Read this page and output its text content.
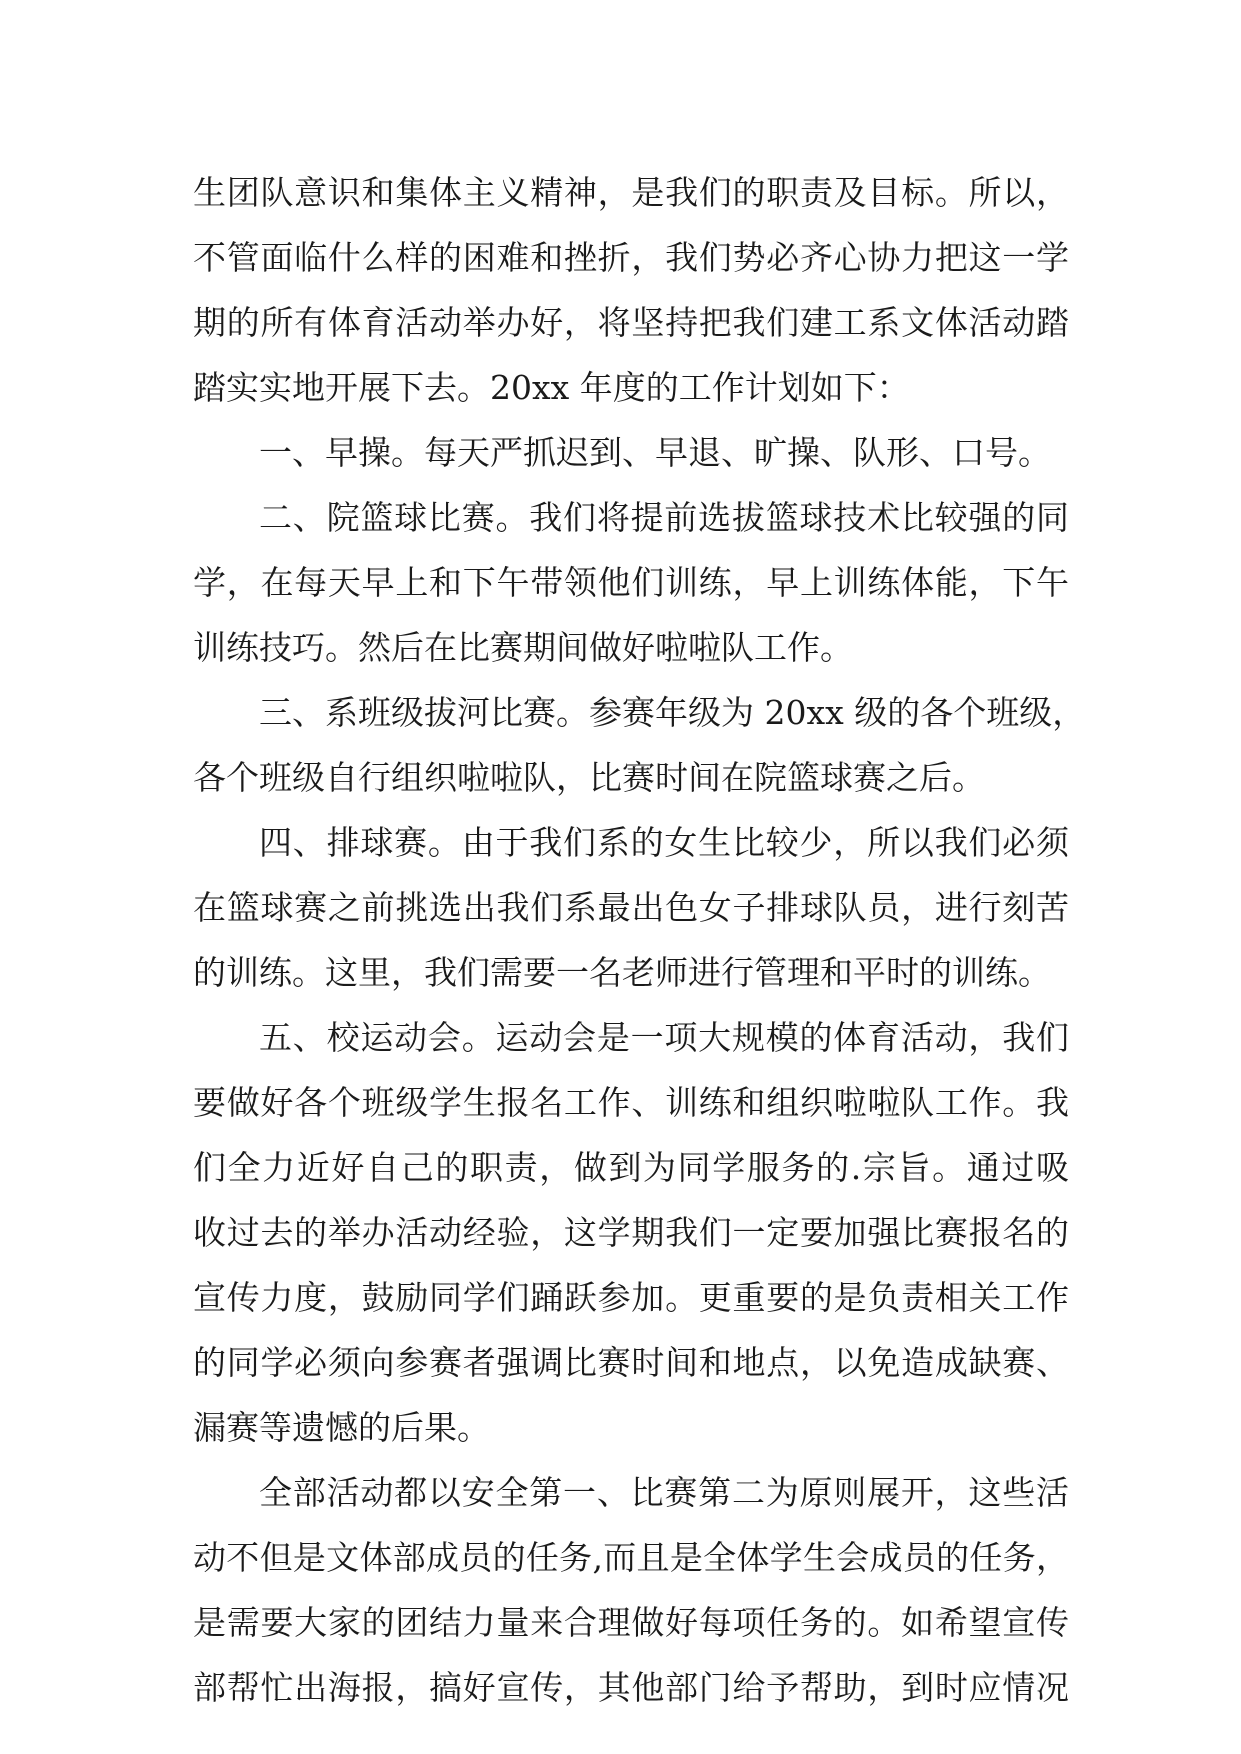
生团队意识和集体主义精神，是我们的职责及目标。所以，
不管面临什么样的困难和挫折，我们势必齐心协力把这一学
期的所有体育活动举办好，将坚持把我们建工系文体活动踏
踏实实地开展下去。20xx 年度的工作计划如下：
一、早操。每天严抓迟到、早退、旷操、队形、口号。
二、院篮球比赛。我们将提前选拔篮球技术比较强的同
学，在每天早上和下午带领他们训练，早上训练体能，下午
训练技巧。然后在比赛期间做好啦啦队工作。
三、系班级拔河比赛。参赛年级为 20xx 级的各个班级，
各个班级自行组织啦啦队，比赛时间在院篮球赛之后。
四、排球赛。由于我们系的女生比较少，所以我们必须
在篮球赛之前挑选出我们系最出色女子排球队员，进行刻苦
的训练。这里，我们需要一名老师进行管理和平时的训练。
五、校运动会。运动会是一项大规模的体育活动，我们
要做好各个班级学生报名工作、训练和组织啦啦队工作。我
们全力近好自己的职责，做到为同学服务的.宗旨。通过吸
收过去的举办活动经验，这学期我们一定要加强比赛报名的
宣传力度，鼓励同学们踊跃参加。更重要的是负责相关工作
的同学必须向参赛者强调比赛时间和地点，以免造成缺赛、
漏赛等遗憾的后果。
全部活动都以安全第一、比赛第二为原则展开，这些活
动不但是文体部成员的任务,而且是全体学生会成员的任务，
是需要大家的团结力量来合理做好每项任务的。如希望宣传
部帮忙出海报，搞好宣传，其他部门给予帮助，到时应情况
